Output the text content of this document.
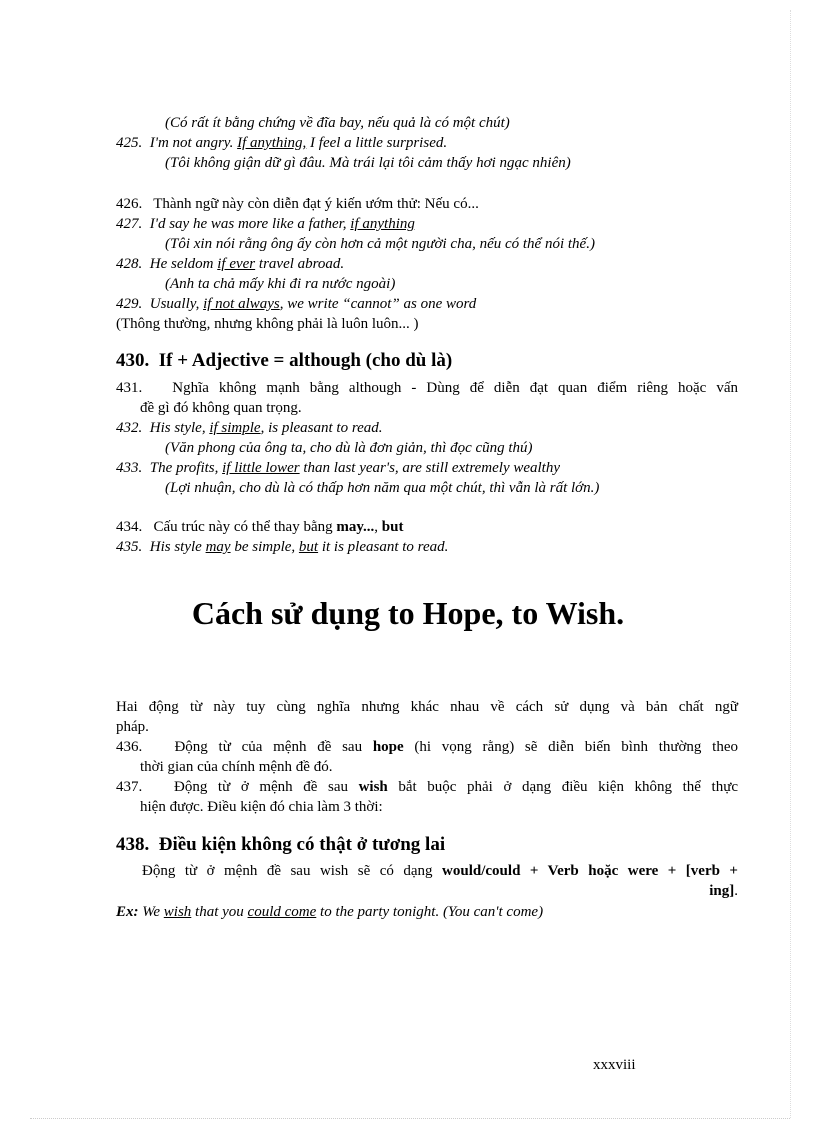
(Có rất ít bằng chứng về đĩa bay, nếu quả là có một chút)
425. I'm not angry. If anything, I feel a little surprised.
(Tôi không giận dữ gì đâu. Mà trái lại tôi cảm thấy hơi ngạc nhiên)
426. Thành ngữ này còn diễn đạt ý kiến ướm thử: Nếu có...
427. I'd say he was more like a father, if anything
(Tôi xin nói rằng ông ấy còn hơn cả một người cha, nếu có thể nói thế.)
428. He seldom if ever travel abroad.
(Anh ta chả mấy khi đi ra nước ngoài)
429. Usually, if not always, we write “cannot” as one word
(Thông thường, nhưng không phải là luôn luôn... )
430. If + Adjective = although (cho dù là)
431. Nghĩa không mạnh bằng although - Dùng để diễn đạt quan điểm riêng hoặc vấn
đề gì đó không quan trọng.
432. His style, if simple, is pleasant to read.
(Văn phong của ông ta, cho dù là đơn giản, thì đọc cũng thú)
433. The profits, if little lower than last year's, are still extremely wealthy
(Lợi nhuận, cho dù là có thấp hơn năm qua một chút, thì vẫn là rất lớn.)
434. Cấu trúc này có thể thay bằng may..., but
435. His style may be simple, but it is pleasant to read.
Cách sử dụng to Hope, to Wish.
Hai động từ này tuy cùng nghĩa nhưng khác nhau về cách sử dụng và bản chất ngữ
pháp.
436. Động từ của mệnh đề sau hope (hi vọng rằng) sẽ diễn biến bình thường theo
thời gian của chính mệnh đề đó.
437. Động từ ở mệnh đề sau wish bắt buộc phải ở dạng điều kiện không thể thực
hiện được. Điều kiện đó chia làm 3 thời:
438. Điều kiện không có thật ở tương lai
Động từ ở mệnh đề sau wish sẽ có dạng would/could + Verb hoặc were + [verb +
ing].
Ex: We wish that you could come to the party tonight. (You can't come)
xxxviii
